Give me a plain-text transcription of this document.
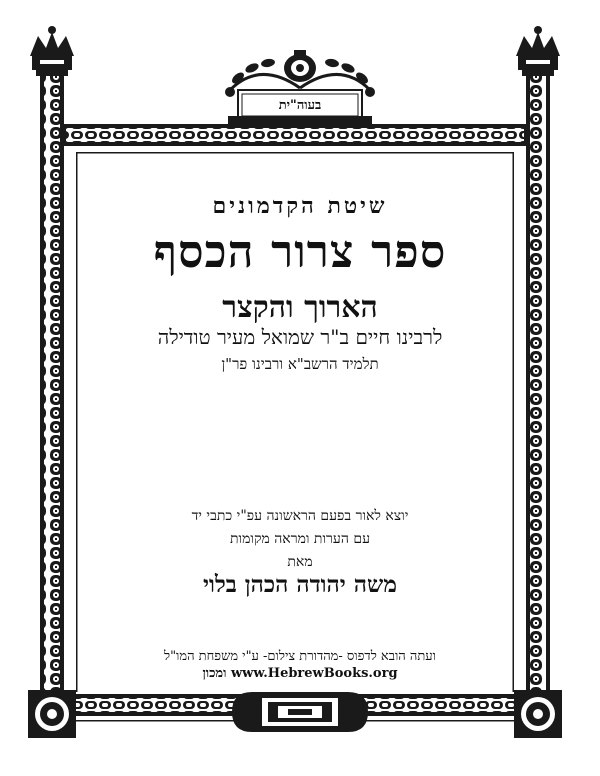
בעוה"ית
שיטת הקדמונים
ספר צרור הכסף
הארוך והקצר
לרבינו חיים ב"ר שמואל מעיר טודילה
תלמיד הרשב"א ורבינו פר"ן
יוצא לאור בפעם הראשונה עפ"י כתבי יד
עם הערות ומראה מקומות
מאת
משה יהודה הכהן בלוי
ועתה הובא לדפוס -מהדורת צילום- ע"י משפחת המו"ל
ומכון www.HebrewBooks.org
